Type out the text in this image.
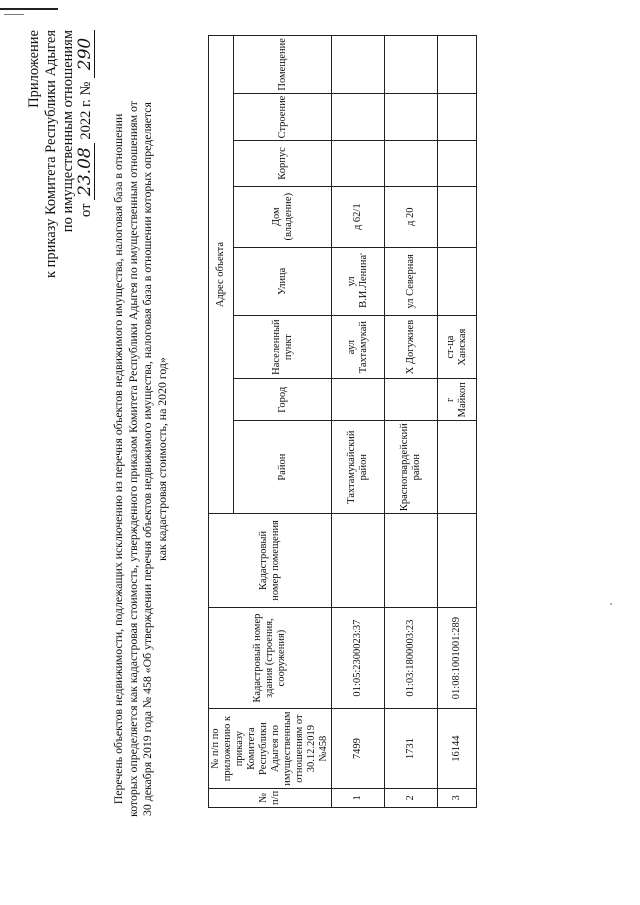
Приложение к приказу Комитета Республики Адыгея по имущественным отношениям от 23.08 2022 г. № 290
Перечень объектов недвижимости, подлежащих исключению из перечня объектов недвижимого имущества, налоговая база в отношении которых определяется как кадастровая стоимость, утвержденного приказом Комитета Республики Адыгея по имущественным отношениям от 30 декабря 2019 года № 458 «Об утверждении перечня объектов недвижимого имущества, налоговая база в отношении которых определяется как кадастровая стоимость, на 2020 год»
№ п/п	№ п/п по приложению к приказу Комитета Республики Адыгея по имущественным отношениям от 30.12.2019 №458	Кадастровый номер здания (строения, сооружения)	Кадастровый номер помещения	Адрес объекта							
				Район	Город	Населенный пункт	Улица	Дом (владение)	Корпус	Строение	Помещение
1	7499	01:05:2300023:37		Тахтамукайский район		аул Тахтамукай	ул В.И.Ленина	д 62/1			
2	1731	01:03:1800003:23		Красногвардейский район		Х Догужиев	ул Северная	д 20			
3	16144	01:08:1001001:289			г Майкоп	ст-ца Ханская					
